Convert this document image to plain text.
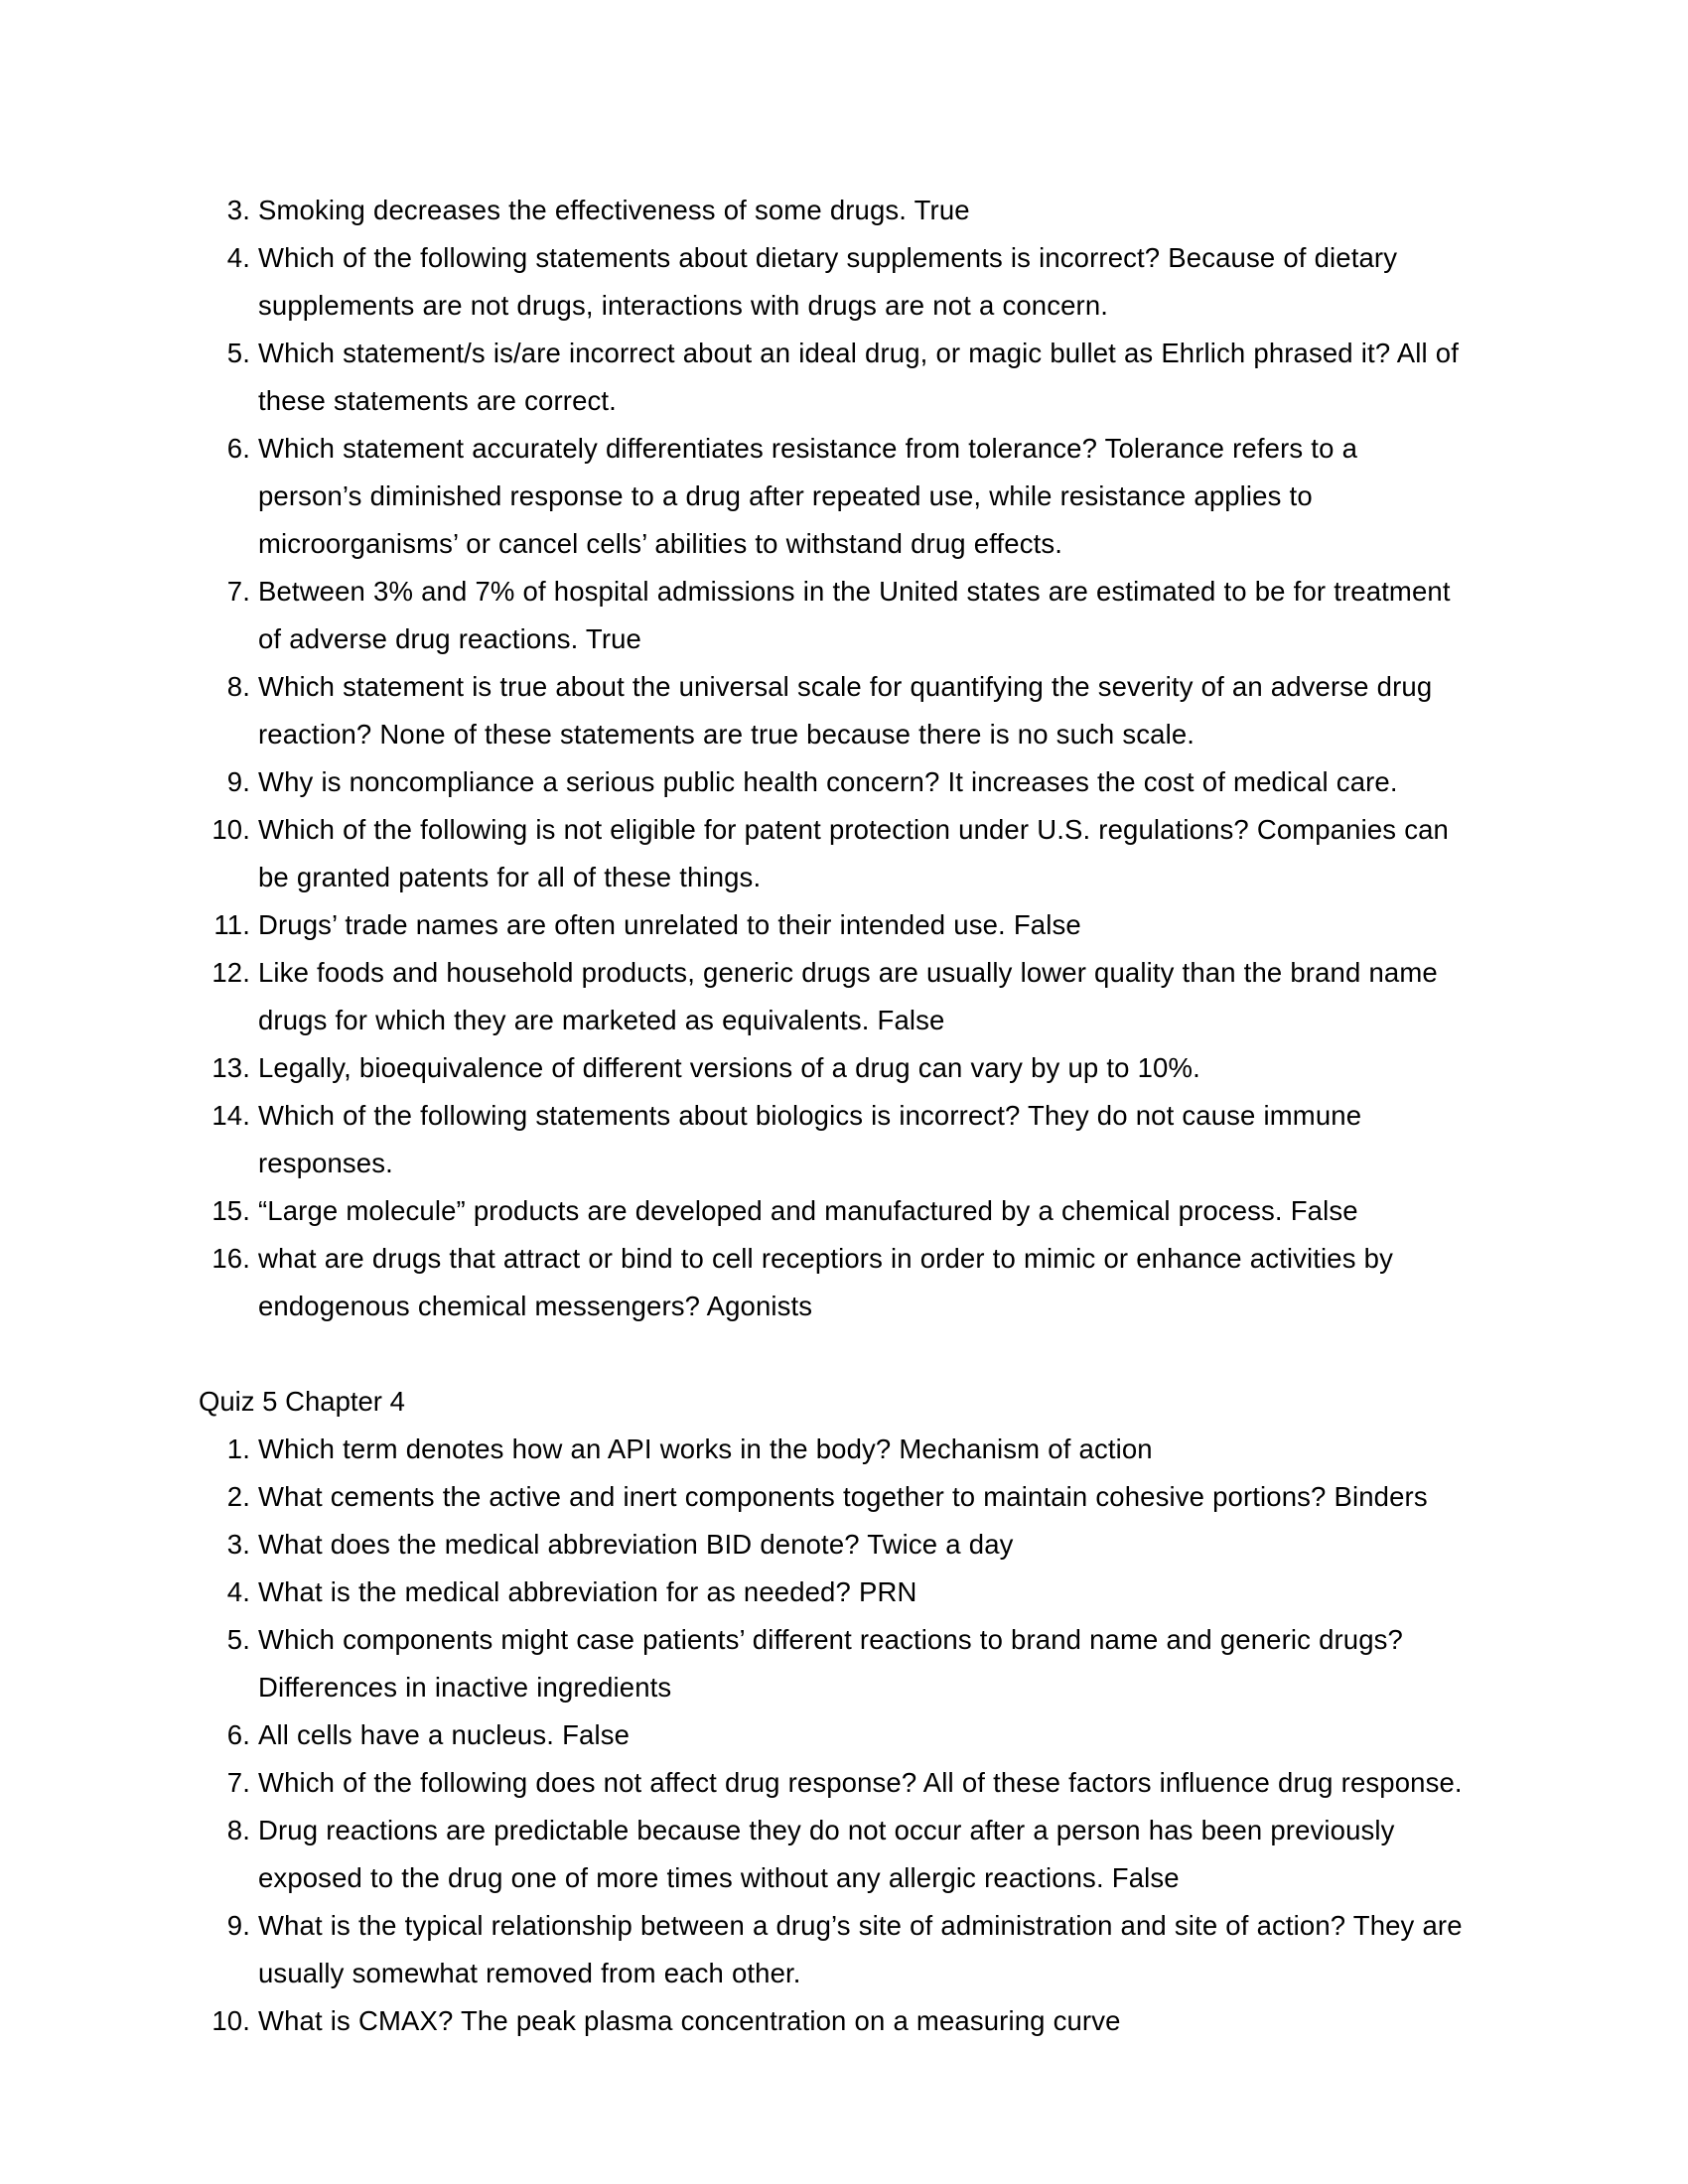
3. Smoking decreases the effectiveness of some drugs. True
4. Which of the following statements about dietary supplements is incorrect? Because of dietary supplements are not drugs, interactions with drugs are not a concern.
5. Which statement/s is/are incorrect about an ideal drug, or magic bullet as Ehrlich phrased it? All of these statements are correct.
6. Which statement accurately differentiates resistance from tolerance? Tolerance refers to a person’s diminished response to a drug after repeated use, while resistance applies to microorganisms’ or cancel cells’ abilities to withstand drug effects.
7. Between 3% and 7% of hospital admissions in the United states are estimated to be for treatment of adverse drug reactions. True
8. Which statement is true about the universal scale for quantifying the severity of an adverse drug reaction? None of these statements are true because there is no such scale.
9. Why is noncompliance a serious public health concern? It increases the cost of medical care.
10. Which of the following is not eligible for patent protection under U.S. regulations? Companies can be granted patents for all of these things.
11. Drugs’ trade names are often unrelated to their intended use. False
12. Like foods and household products, generic drugs are usually lower quality than the brand name drugs for which they are marketed as equivalents. False
13. Legally, bioequivalence of different versions of a drug can vary by up to 10%.
14. Which of the following statements about biologics is incorrect? They do not cause immune responses.
15. “Large molecule” products are developed and manufactured by a chemical process. False
16. what are drugs that attract or bind to cell receptiors in order to mimic or enhance activities by endogenous chemical messengers? Agonists

Quiz 5 Chapter 4
1. Which term denotes how an API works in the body? Mechanism of action
2. What cements the active and inert components together to maintain cohesive portions? Binders
3. What does the medical abbreviation BID denote? Twice a day
4. What is the medical abbreviation for as needed? PRN
5. Which components might case patients’ different reactions to brand name and generic drugs? Differences in inactive ingredients
6. All cells have a nucleus. False
7. Which of the following does not affect drug response? All of these factors influence drug response.
8. Drug reactions are predictable because they do not occur after a person has been previously exposed to the drug one of more times without any allergic reactions. False
9. What is the typical relationship between a drug’s site of administration and site of action? They are usually somewhat removed from each other.
10. What is CMAX? The peak plasma concentration on a measuring curve
